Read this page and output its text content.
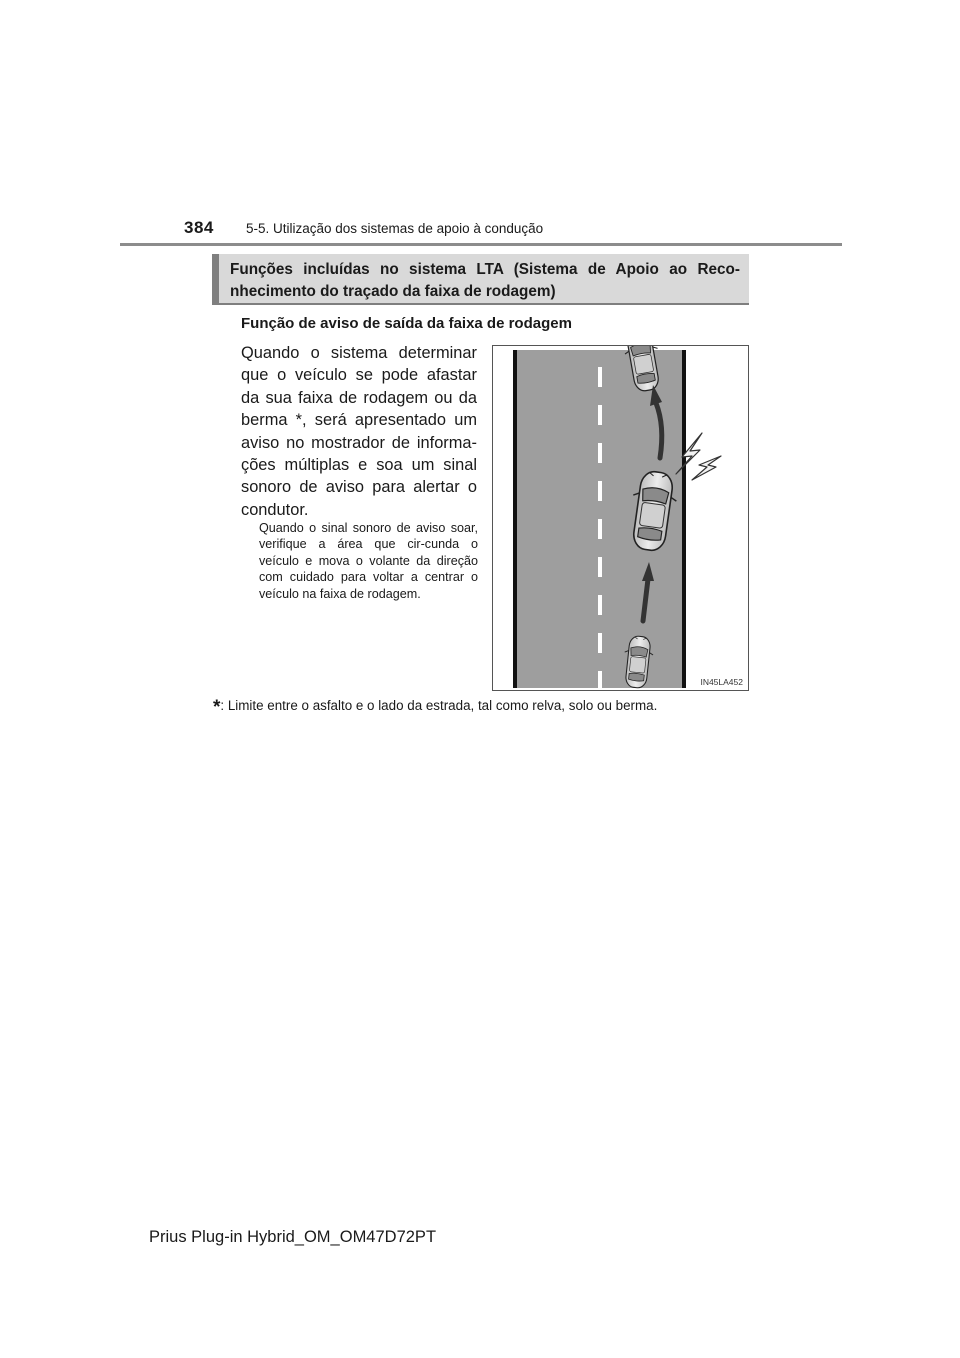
384 5-5. Utilização dos sistemas de apoio à condução
Funções incluídas no sistema LTA (Sistema de Apoio ao Reco-nhecimento do traçado da faixa de rodagem)
Função de aviso de saída da faixa de rodagem

Quando o sistema determinar que o veículo se pode afastar da sua faixa de rodagem ou da berma *, será apresentado um aviso no mostrador de informa-ções múltiplas e soa um sinal sonoro de aviso para alertar o condutor.

Quando o sinal sonoro de aviso soar, verifique a área que cir-cunda o veículo e mova o volante da direção com cuidado para voltar a centrar o veículo na faixa de rodagem.

IN45LA452
*: Limite entre o asfalto e o lado da estrada, tal como relva, solo ou berma.
Prius Plug-in Hybrid_OM_OM47D72PT
